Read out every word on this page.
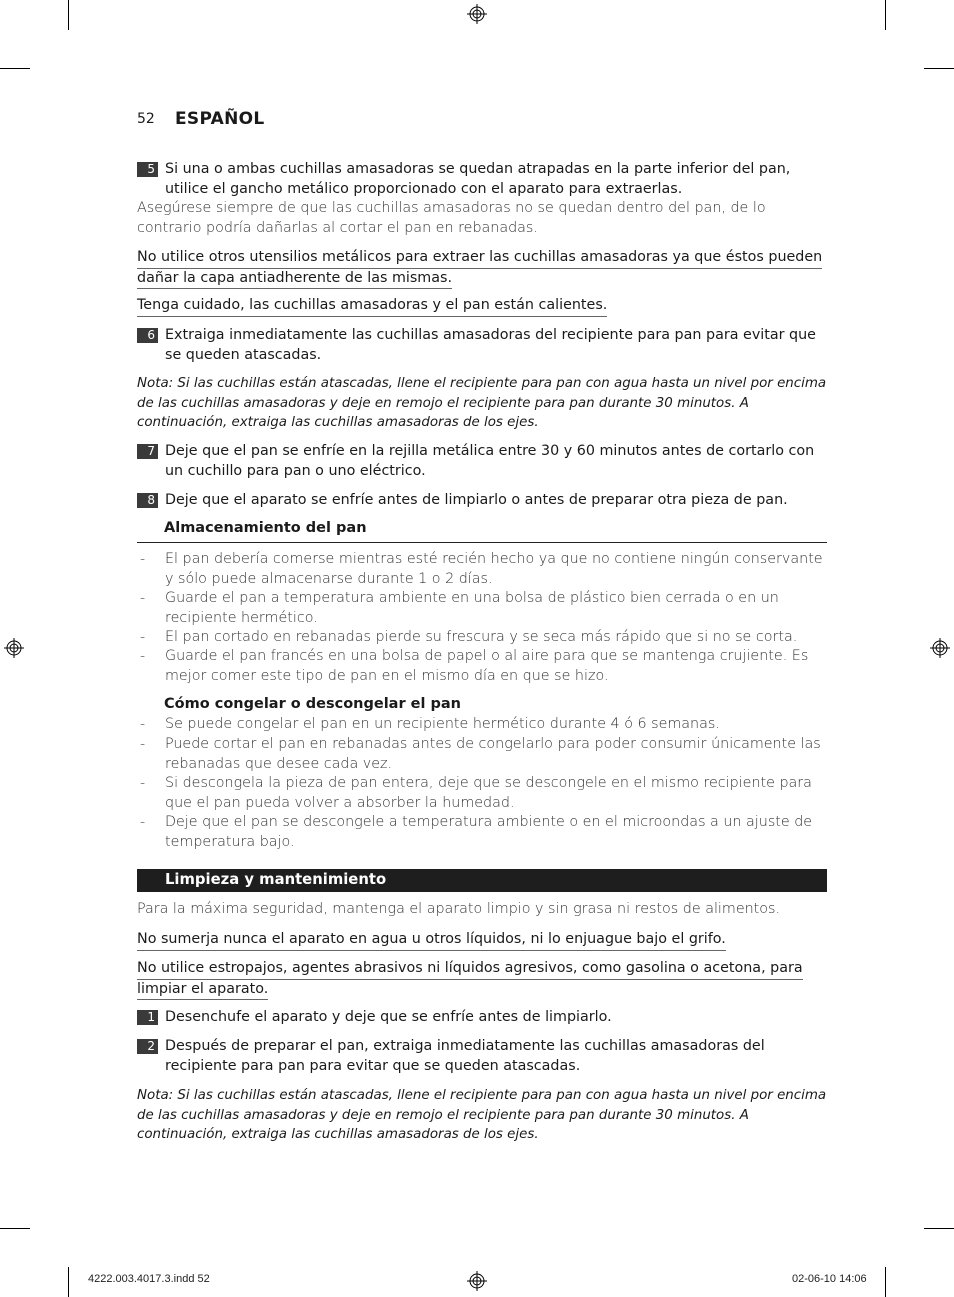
52 ESPAÑOL
5 Si una o ambas cuchillas amasadoras se quedan atrapadas en la parte inferior del pan, utilice el gancho metálico proporcionado con el aparato para extraerlas.
Asegúrese siempre de que las cuchillas amasadoras no se quedan dentro del pan, de lo contrario podría dañarlas al cortar el pan en rebanadas.
No utilice otros utensilios metálicos para extraer las cuchillas amasadoras ya que éstos pueden
dañar la capa antiadherente de las mismas.
Tenga cuidado, las cuchillas amasadoras y el pan están calientes.
6 Extraiga inmediatamente las cuchillas amasadoras del recipiente para pan para evitar que se queden atascadas.
Nota: Si las cuchillas están atascadas, llene el recipiente para pan con agua hasta un nivel por encima de las cuchillas amasadoras y deje en remojo el recipiente para pan durante 30 minutos. A continuación, extraiga las cuchillas amasadoras de los ejes.
7 Deje que el pan se enfríe en la rejilla metálica entre 30 y 60 minutos antes de cortarlo con un cuchillo para pan o uno eléctrico.
8 Deje que el aparato se enfríe antes de limpiarlo o antes de preparar otra pieza de pan.
Almacenamiento del pan
- El pan debería comerse mientras esté recién hecho ya que no contiene ningún conservante y sólo puede almacenarse durante 1 o 2 días.
- Guarde el pan a temperatura ambiente en una bolsa de plástico bien cerrada o en un recipiente hermético.
- El pan cortado en rebanadas pierde su frescura y se seca más rápido que si no se corta.
- Guarde el pan francés en una bolsa de papel o al aire para que se mantenga crujiente. Es mejor comer este tipo de pan en el mismo día en que se hizo.
Cómo congelar o descongelar el pan
- Se puede congelar el pan en un recipiente hermético durante 4 ó 6 semanas.
- Puede cortar el pan en rebanadas antes de congelarlo para poder consumir únicamente las rebanadas que desee cada vez.
- Si descongela la pieza de pan entera, deje que se descongele en el mismo recipiente para que el pan pueda volver a absorber la humedad.
- Deje que el pan se descongele a temperatura ambiente o en el microondas a un ajuste de temperatura bajo.
Limpieza y mantenimiento
Para la máxima seguridad, mantenga el aparato limpio y sin grasa ni restos de alimentos.
No sumerja nunca el aparato en agua u otros líquidos, ni lo enjuague bajo el grifo.
No utilice estropajos, agentes abrasivos ni líquidos agresivos, como gasolina o acetona, para
limpiar el aparato.
1 Desenchufe el aparato y deje que se enfríe antes de limpiarlo.
2 Después de preparar el pan, extraiga inmediatamente las cuchillas amasadoras del recipiente para pan para evitar que se queden atascadas.
Nota: Si las cuchillas están atascadas, llene el recipiente para pan con agua hasta un nivel por encima de las cuchillas amasadoras y deje en remojo el recipiente para pan durante 30 minutos. A continuación, extraiga las cuchillas amasadoras de los ejes.
4222.003.4017.3.indd 52	02-06-10 14:06
